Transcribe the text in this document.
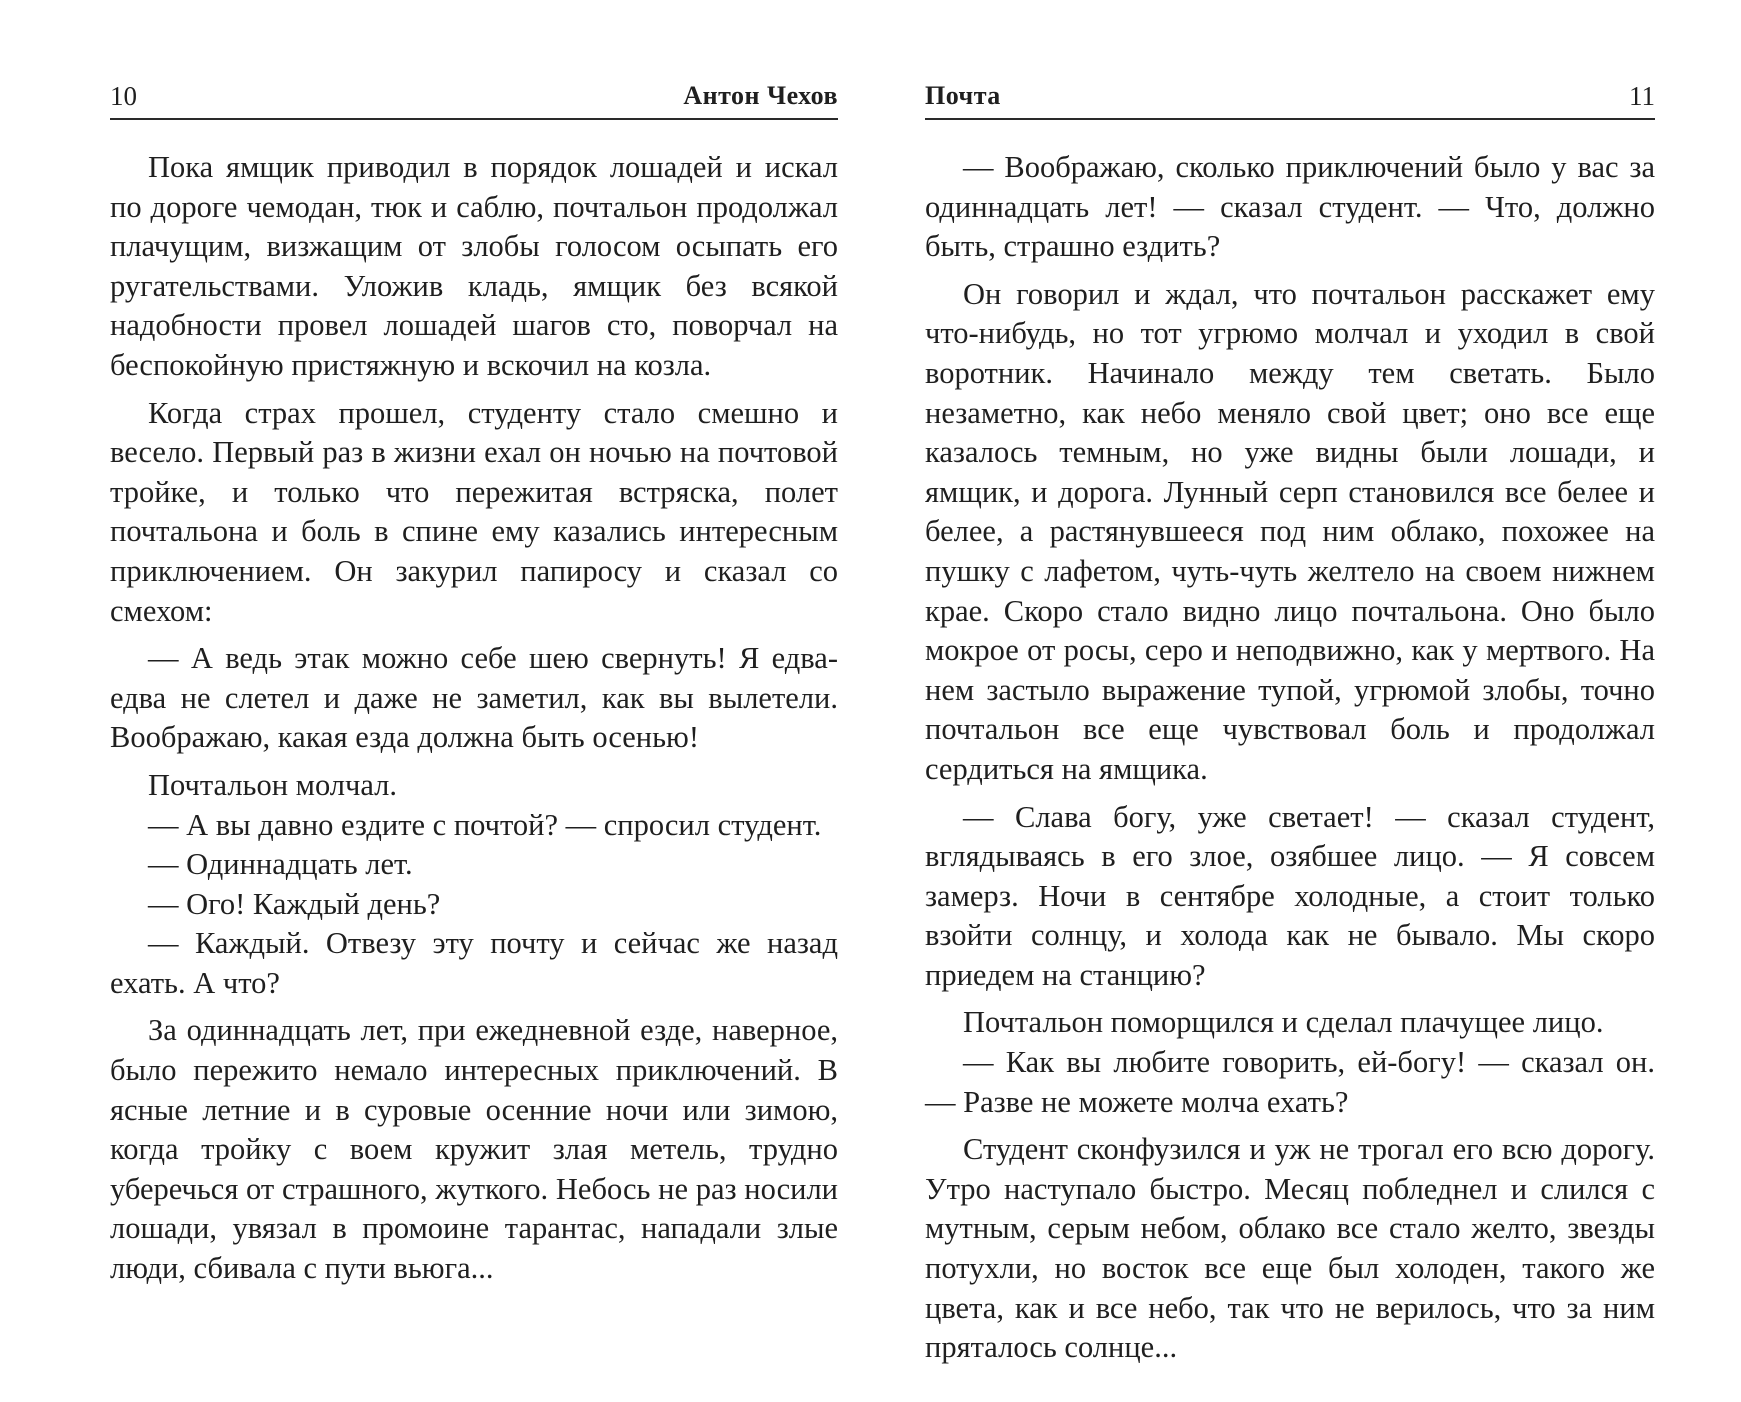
10	Антон Чехов

Пока ямщик приводил в порядок лошадей и искал по дороге чемодан, тюк и саблю, почтальон продолжал плачущим, визжащим от злобы голосом осыпать его ругательствами. Уложив кладь, ямщик без всякой надобности провел лошадей шагов сто, поворчал на беспокойную пристяжную и вскочил на козла.

Когда страх прошел, студенту стало смешно и весело. Первый раз в жизни ехал он ночью на почтовой тройке, и только что пережитая встряска, полет почтальона и боль в спине ему казались интересным приключением. Он закурил папиросу и сказал со смехом:

— А ведь этак можно себе шею свернуть! Я едва-едва не слетел и даже не заметил, как вы вылетели. Воображаю, какая езда должна быть осенью!

Почтальон молчал.

— А вы давно ездите с почтой? — спросил студент.

— Одиннадцать лет.

— Ого! Каждый день?

— Каждый. Отвезу эту почту и сейчас же назад ехать. А что?

За одиннадцать лет, при ежедневной езде, наверное, было пережито немало интересных приключений. В ясные летние и в суровые осенние ночи или зимою, когда тройку с воем кружит злая метель, трудно уберечься от страшного, жуткого. Небось не раз носили лошади, увязал в промоине тарантас, нападали злые люди, сбивала с пути вьюга...

Почта	11

— Воображаю, сколько приключений было у вас за одиннадцать лет! — сказал студент. — Что, должно быть, страшно ездить?

Он говорил и ждал, что почтальон расскажет ему что-нибудь, но тот угрюмо молчал и уходил в свой воротник. Начинало между тем светать. Было незаметно, как небо меняло свой цвет; оно все еще казалось темным, но уже видны были лошади, и ямщик, и дорога. Лунный серп становился все белее и белее, а растянувшееся под ним облако, похожее на пушку с лафетом, чуть-чуть желтело на своем нижнем крае. Скоро стало видно лицо почтальона. Оно было мокрое от росы, серо и неподвижно, как у мертвого. На нем застыло выражение тупой, угрюмой злобы, точно почтальон все еще чувствовал боль и продолжал сердиться на ямщика.

— Слава богу, уже светает! — сказал студент, вглядываясь в его злое, озябшее лицо. — Я совсем замерз. Ночи в сентябре холодные, а стоит только взойти солнцу, и холода как не бывало. Мы скоро приедем на станцию?

Почтальон поморщился и сделал плачущее лицо.

— Как вы любите говорить, ей-богу! — сказал он. — Разве не можете молча ехать?

Студент сконфузился и уж не трогал его всю дорогу. Утро наступало быстро. Месяц побледнел и слился с мутным, серым небом, облако все стало желто, звезды потухли, но восток все еще был холоден, такого же цвета, как и все небо, так что не верилось, что за ним пряталось солнце...
